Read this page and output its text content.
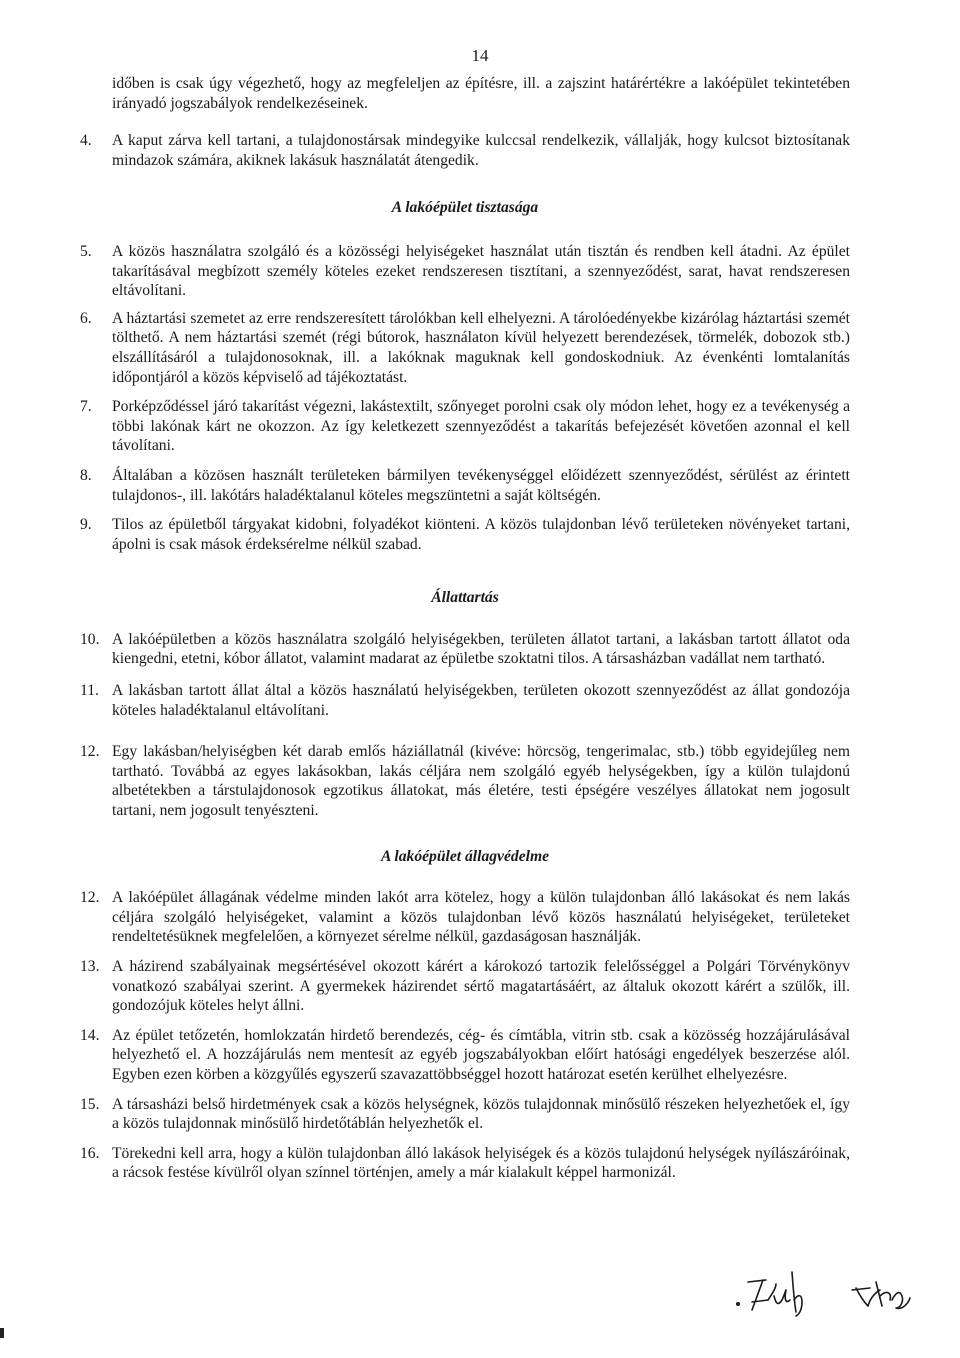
14
időben is csak úgy végezhető, hogy az megfeleljen az építésre, ill. a zajszint határértékre a lakóépület tekintetében irányadó jogszabályok rendelkezéseinek.
4. A kaput zárva kell tartani, a tulajdonostársak mindegyike kulccsal rendelkezik, vállalják, hogy kulcsot biztosítanak mindazok számára, akiknek lakásuk használatát átengedik.
A lakóépület tisztasága
5. A közös használatra szolgáló és a közösségi helyiségeket használat után tisztán és rendben kell átadni. Az épület takarításával megbízott személy köteles ezeket rendszeresen tisztítani, a szennyeződést, sarat, havat rendszeresen eltávolítani.
6. A háztartási szemetet az erre rendszeresített tárolókban kell elhelyezni. A tárolóedényekbe kizárólag háztartási szemét tölthető. A nem háztartási szemét (régi bútorok, használaton kívül helyezett berendezések, törmelék, dobozok stb.) elszállításáról a tulajdonosoknak, ill. a lakóknak maguknak kell gondoskodniuk. Az évenkénti lomtalanítás időpontjáról a közös képviselő ad tájékoztatást.
7. Porképződéssel járó takarítást végezni, lakástextilt, szőnyeget porolni csak oly módon lehet, hogy ez a tevékenység a többi lakónak kárt ne okozzon. Az így keletkezett szennyeződést a takarítás befejezését követően azonnal el kell távolítani.
8. Általában a közösen használt területeken bármilyen tevékenységgel előidézett szennyeződést, sérülést az érintett tulajdonos-, ill. lakótárs haladéktalanul köteles megszüntetni a saját költségén.
9. Tilos az épületből tárgyakat kidobni, folyadékot kiönteni. A közös tulajdonban lévő területeken növényeket tartani, ápolni is csak mások érdeksérelme nélkül szabad.
Állattartás
10. A lakóépületben a közös használatra szolgáló helyiségekben, területen állatot tartani, a lakásban tartott állatot oda kiengedni, etetni, kóbor állatot, valamint madarat az épületbe szoktatni tilos. A társasházban vadállat nem tartható.
11. A lakásban tartott állat által a közös használatú helyiségekben, területen okozott szennyeződést az állat gondozója köteles haladéktalanul eltávolítani.
12. Egy lakásban/helyiségben két darab emlős háziállatnál (kivéve: hörcsög, tengerimalac, stb.) több egyidejűleg nem tartható. Továbbá az egyes lakásokban, lakás céljára nem szolgáló egyéb helységekben, így a külön tulajdonú albetétekben a társtulajdonosok egzotikus állatokat, más életére, testi épségére veszélyes állatokat nem jogosult tartani, nem jogosult tenyészteni.
A lakóépület állagvédelme
12. A lakóépület állagának védelme minden lakót arra kötelez, hogy a külön tulajdonban álló lakásokat és nem lakás céljára szolgáló helyiségeket, valamint a közös tulajdonban lévő közös használatú helyiségeket, területeket rendeltetésüknek megfelelően, a környezet sérelme nélkül, gazdaságosan használják.
13. A házirend szabályainak megsértésével okozott kárért a károkozó tartozik felelősséggel a Polgári Törvénykönyv vonatkozó szabályai szerint. A gyermekek házirendet sértő magatartásáért, az általuk okozott kárért a szülők, ill. gondozójuk köteles helyt állni.
14. Az épület tetőzetén, homlokzatán hirdető berendezés, cég- és címtábla, vitrin stb. csak a közösség hozzájárulásával helyezhető el. A hozzájárulás nem mentesít az egyéb jogszabályokban előírt hatósági engedélyek beszerzése alól. Egyben ezen körben a közgyűlés egyszerű szavazattöbbséggel hozott határozat esetén kerülhet elhelyezésre.
15. A társasházi belső hirdetmények csak a közös helységnek, közös tulajdonnak minősülő részeken helyezhetőek el, így a közös tulajdonnak minősülő hirdetőtáblán helyezhetők el.
16. Törekedni kell arra, hogy a külön tulajdonban álló lakások helyiségek és a közös tulajdonú helységek nyílászáróinak, a rácsok festése kívülről olyan színnel történjen, amely a már kialakult képpel harmonizál.
